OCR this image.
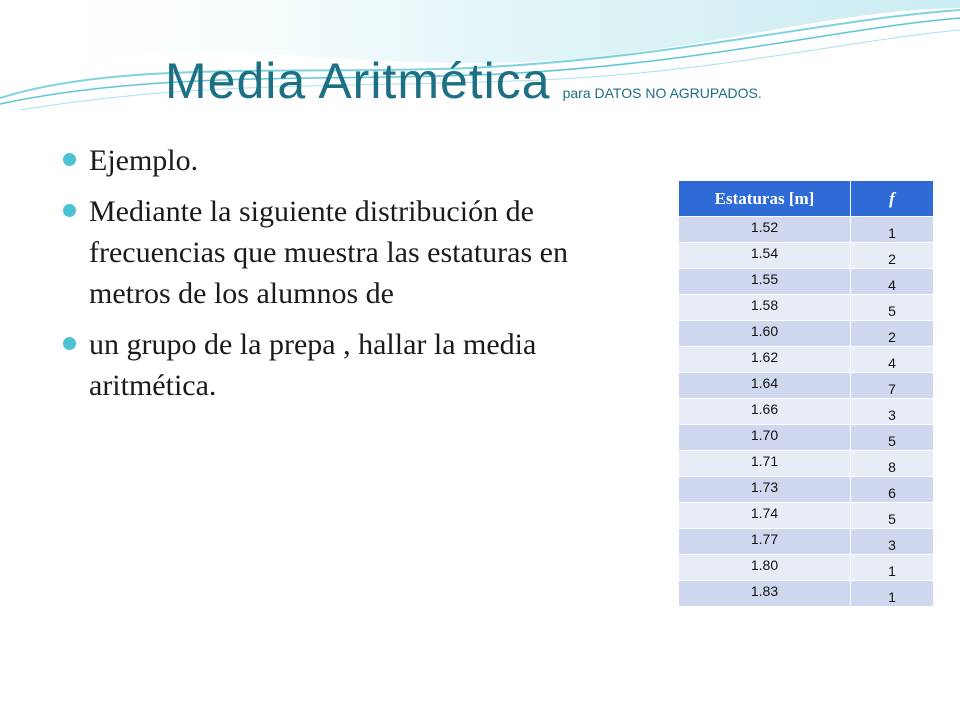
Media Aritmética para DATOS NO AGRUPADOS.
Ejemplo.
Mediante la siguiente distribución de frecuencias que muestra las estaturas en metros de los alumnos de
un grupo de la prepa , hallar la media aritmética.
Estaturas [m]	f
1.52	1
1.54	2
1.55	4
1.58	5
1.60	2
1.62	4
1.64	7
1.66	3
1.70	5
1.71	8
1.73	6
1.74	5
1.77	3
1.80	1
1.83	1
